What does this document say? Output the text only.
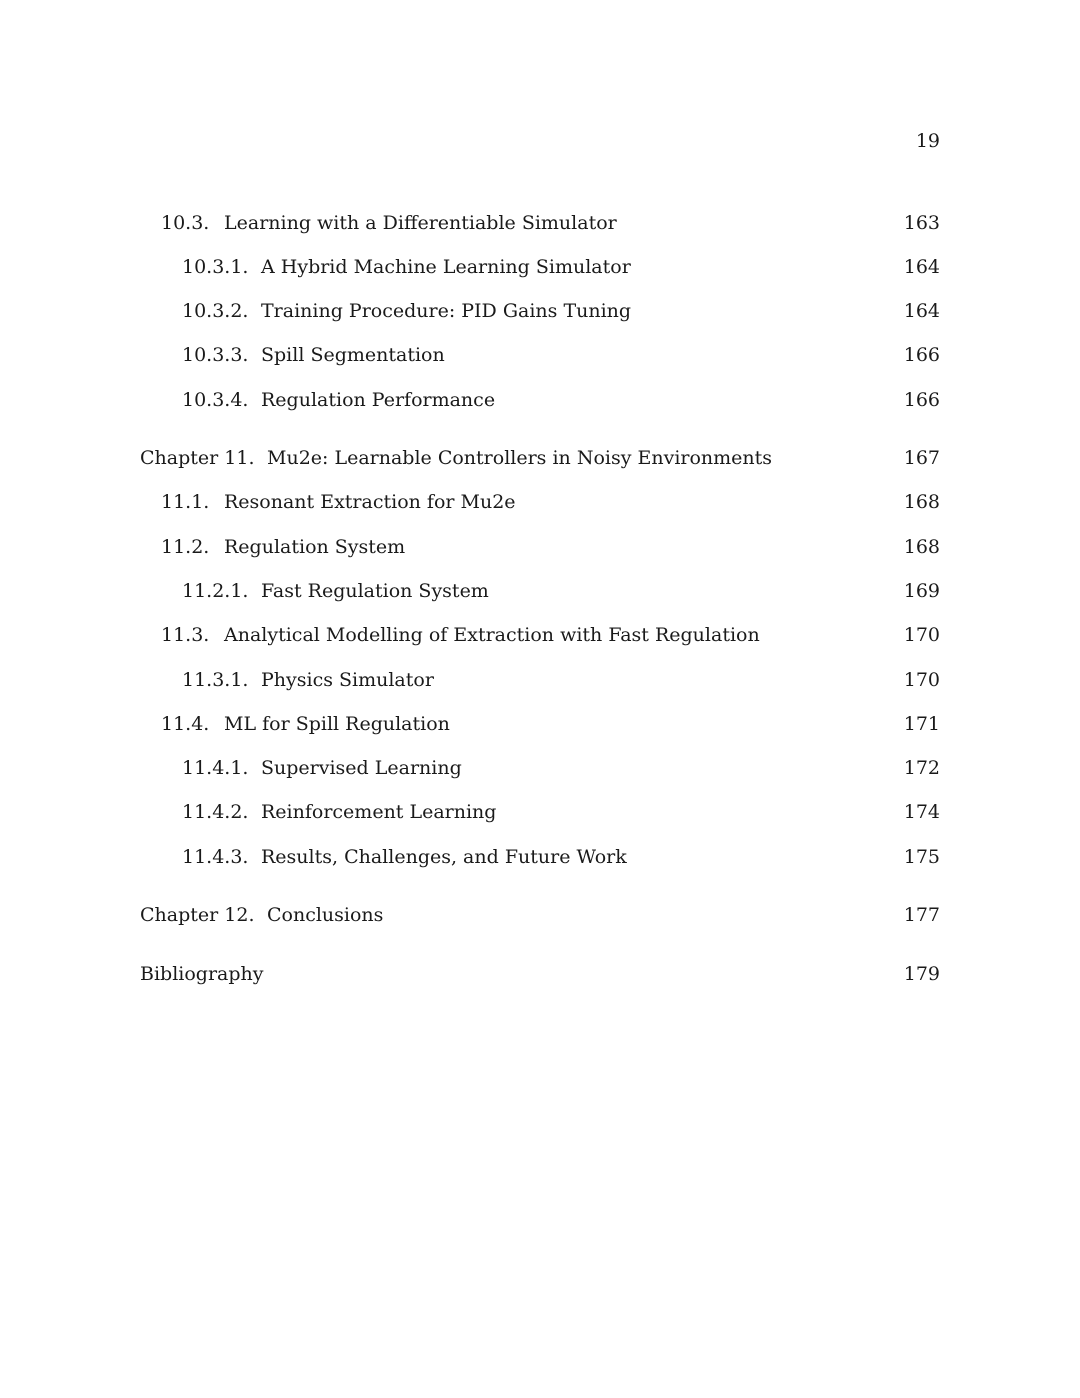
19
10.3. Learning with a Differentiable Simulator	163
10.3.1. A Hybrid Machine Learning Simulator	164
10.3.2. Training Procedure: PID Gains Tuning	164
10.3.3. Spill Segmentation	166
10.3.4. Regulation Performance	166
Chapter 11. Mu2e: Learnable Controllers in Noisy Environments	167
11.1. Resonant Extraction for Mu2e	168
11.2. Regulation System	168
11.2.1. Fast Regulation System	169
11.3. Analytical Modelling of Extraction with Fast Regulation	170
11.3.1. Physics Simulator	170
11.4. ML for Spill Regulation	171
11.4.1. Supervised Learning	172
11.4.2. Reinforcement Learning	174
11.4.3. Results, Challenges, and Future Work	175
Chapter 12. Conclusions	177
Bibliography	179
